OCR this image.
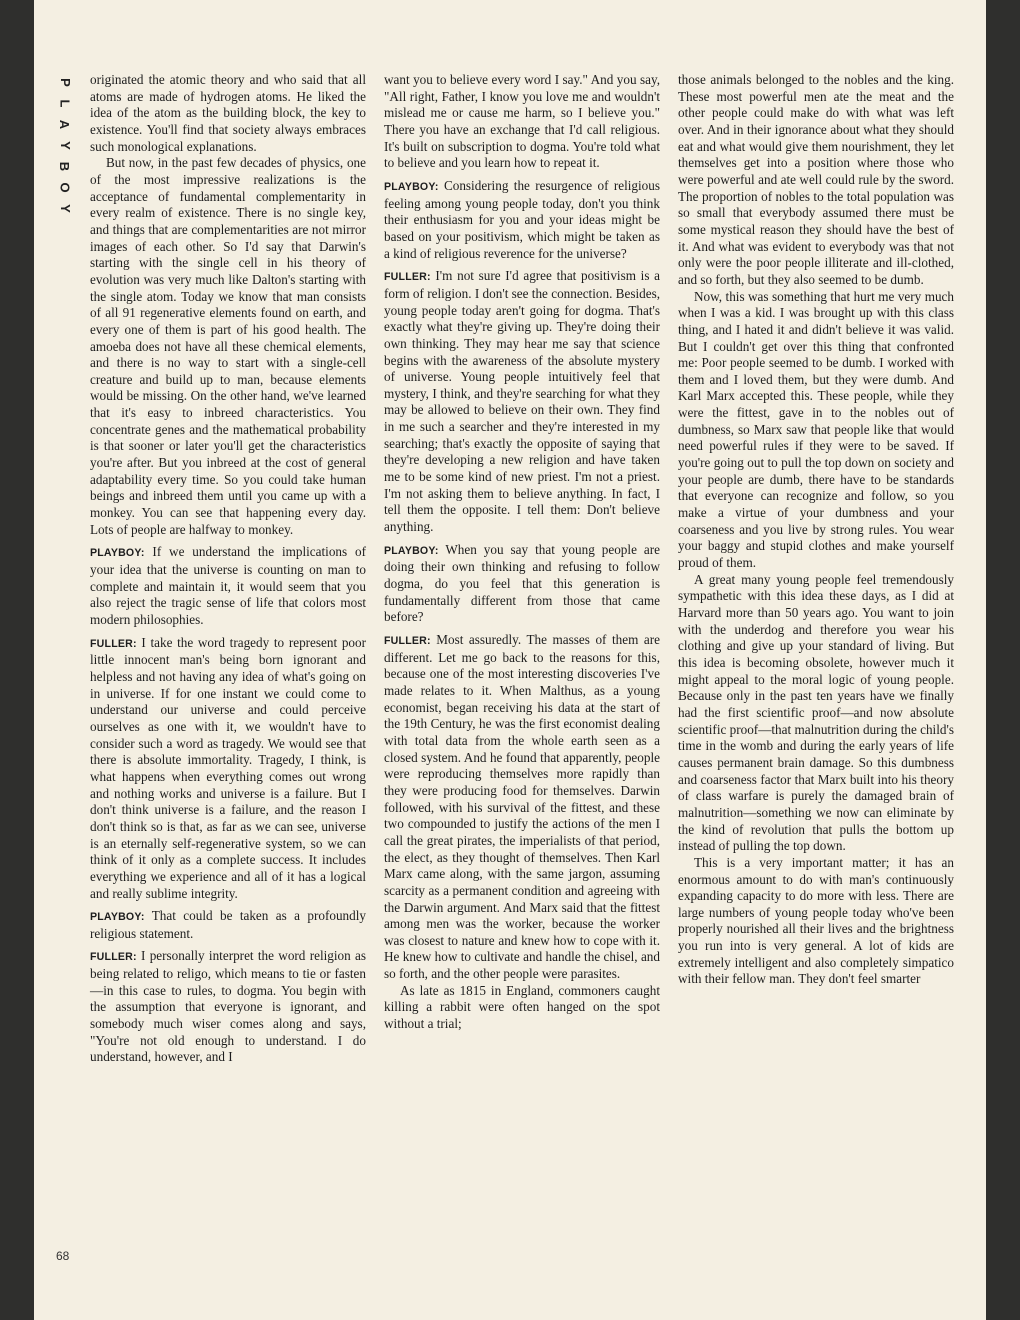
P
L
A
Y
B
O
Y

originated the atomic theory and who said that all atoms are made of hydrogen atoms. He liked the idea of the atom as the building block, the key to existence. You'll find that society always embraces such monological explanations.

But now, in the past few decades of physics, one of the most impressive realizations is the acceptance of fundamental complementarity in every realm of existence. There is no single key, and things that are complementarities are not mirror images of each other. So I'd say that Darwin's starting with the single cell in his theory of evolution was very much like Dalton's starting with the single atom. Today we know that man consists of all 91 regenerative elements found on earth, and every one of them is part of his good health. The amoeba does not have all these chemical elements, and there is no way to start with a single-cell creature and build up to man, because elements would be missing. On the other hand, we've learned that it's easy to inbreed characteristics. You concentrate genes and the mathematical probability is that sooner or later you'll get the characteristics you're after. But you inbreed at the cost of general adaptability every time. So you could take human beings and inbreed them until you came up with a monkey. You can see that happening every day. Lots of people are halfway to monkey.

PLAYBOY: If we understand the implications of your idea that the universe is counting on man to complete and maintain it, it would seem that you also reject the tragic sense of life that colors most modern philosophies.

FULLER: I take the word tragedy to represent poor little innocent man's being born ignorant and helpless and not having any idea of what's going on in universe. If for one instant we could come to understand our universe and could perceive ourselves as one with it, we wouldn't have to consider such a word as tragedy. We would see that there is absolute immortality. Tragedy, I think, is what happens when everything comes out wrong and nothing works and universe is a failure. But I don't think universe is a failure, and the reason I don't think so is that, as far as we can see, universe is an eternally self-regenerative system, so we can think of it only as a complete success. It includes everything we experience and all of it has a logical and really sublime integrity.

PLAYBOY: That could be taken as a profoundly religious statement.

FULLER: I personally interpret the word religion as being related to religo, which means to tie or fasten—in this case to rules, to dogma. You begin with the assumption that everyone is ignorant, and somebody much wiser comes along and says, "You're not old enough to understand. I do understand, however, and I

want you to believe every word I say." And you say, "All right, Father, I know you love me and wouldn't mislead me or cause me harm, so I believe you." There you have an exchange that I'd call religious. It's built on subscription to dogma. You're told what to believe and you learn how to repeat it.

PLAYBOY: Considering the resurgence of religious feeling among young people today, don't you think their enthusiasm for you and your ideas might be based on your positivism, which might be taken as a kind of religious reverence for the universe?

FULLER: I'm not sure I'd agree that positivism is a form of religion. I don't see the connection. Besides, young people today aren't going for dogma. That's exactly what they're giving up. They're doing their own thinking. They may hear me say that science begins with the awareness of the absolute mystery of universe. Young people intuitively feel that mystery, I think, and they're searching for what they may be allowed to believe on their own. They find in me such a searcher and they're interested in my searching; that's exactly the opposite of saying that they're developing a new religion and have taken me to be some kind of new priest. I'm not a priest. I'm not asking them to believe anything. In fact, I tell them the opposite. I tell them: Don't believe anything.

PLAYBOY: When you say that young people are doing their own thinking and refusing to follow dogma, do you feel that this generation is fundamentally different from those that came before?

FULLER: Most assuredly. The masses of them are different. Let me go back to the reasons for this, because one of the most interesting discoveries I've made relates to it. When Malthus, as a young economist, began receiving his data at the start of the 19th Century, he was the first economist dealing with total data from the whole earth seen as a closed system. And he found that apparently, people were reproducing themselves more rapidly than they were producing food for themselves. Darwin followed, with his survival of the fittest, and these two compounded to justify the actions of the men I call the great pirates, the imperialists of that period, the elect, as they thought of themselves. Then Karl Marx came along, with the same jargon, assuming scarcity as a permanent condition and agreeing with the Darwin argument. And Marx said that the fittest among men was the worker, because the worker was closest to nature and knew how to cope with it. He knew how to cultivate and handle the chisel, and so forth, and the other people were parasites.

As late as 1815 in England, commoners caught killing a rabbit were often hanged on the spot without a trial;

those animals belonged to the nobles and the king. These most powerful men ate the meat and the other people could make do with what was left over. And in their ignorance about what they should eat and what would give them nourishment, they let themselves get into a position where those who were powerful and ate well could rule by the sword. The proportion of nobles to the total population was so small that everybody assumed there must be some mystical reason they should have the best of it. And what was evident to everybody was that not only were the poor people illiterate and ill-clothed, and so forth, but they also seemed to be dumb.

Now, this was something that hurt me very much when I was a kid. I was brought up with this class thing, and I hated it and didn't believe it was valid. But I couldn't get over this thing that confronted me: Poor people seemed to be dumb. I worked with them and I loved them, but they were dumb. And Karl Marx accepted this. These people, while they were the fittest, gave in to the nobles out of dumbness, so Marx saw that people like that would need powerful rules if they were to be saved. If you're going out to pull the top down on society and your people are dumb, there have to be standards that everyone can recognize and follow, so you make a virtue of your dumbness and your coarseness and you live by strong rules. You wear your baggy and stupid clothes and make yourself proud of them.

A great many young people feel tremendously sympathetic with this idea these days, as I did at Harvard more than 50 years ago. You want to join with the underdog and therefore you wear his clothing and give up your standard of living. But this idea is becoming obsolete, however much it might appeal to the moral logic of young people. Because only in the past ten years have we finally had the first scientific proof—and now absolute scientific proof—that malnutrition during the child's time in the womb and during the early years of life causes permanent brain damage. So this dumbness and coarseness factor that Marx built into his theory of class warfare is purely the damaged brain of malnutrition—something we now can eliminate by the kind of revolution that pulls the bottom up instead of pulling the top down.

This is a very important matter; it has an enormous amount to do with man's continuously expanding capacity to do more with less. There are large numbers of young people today who've been properly nourished all their lives and the brightness you run into is very general. A lot of kids are extremely intelligent and also completely simpatico with their fellow man. They don't feel smarter

68
